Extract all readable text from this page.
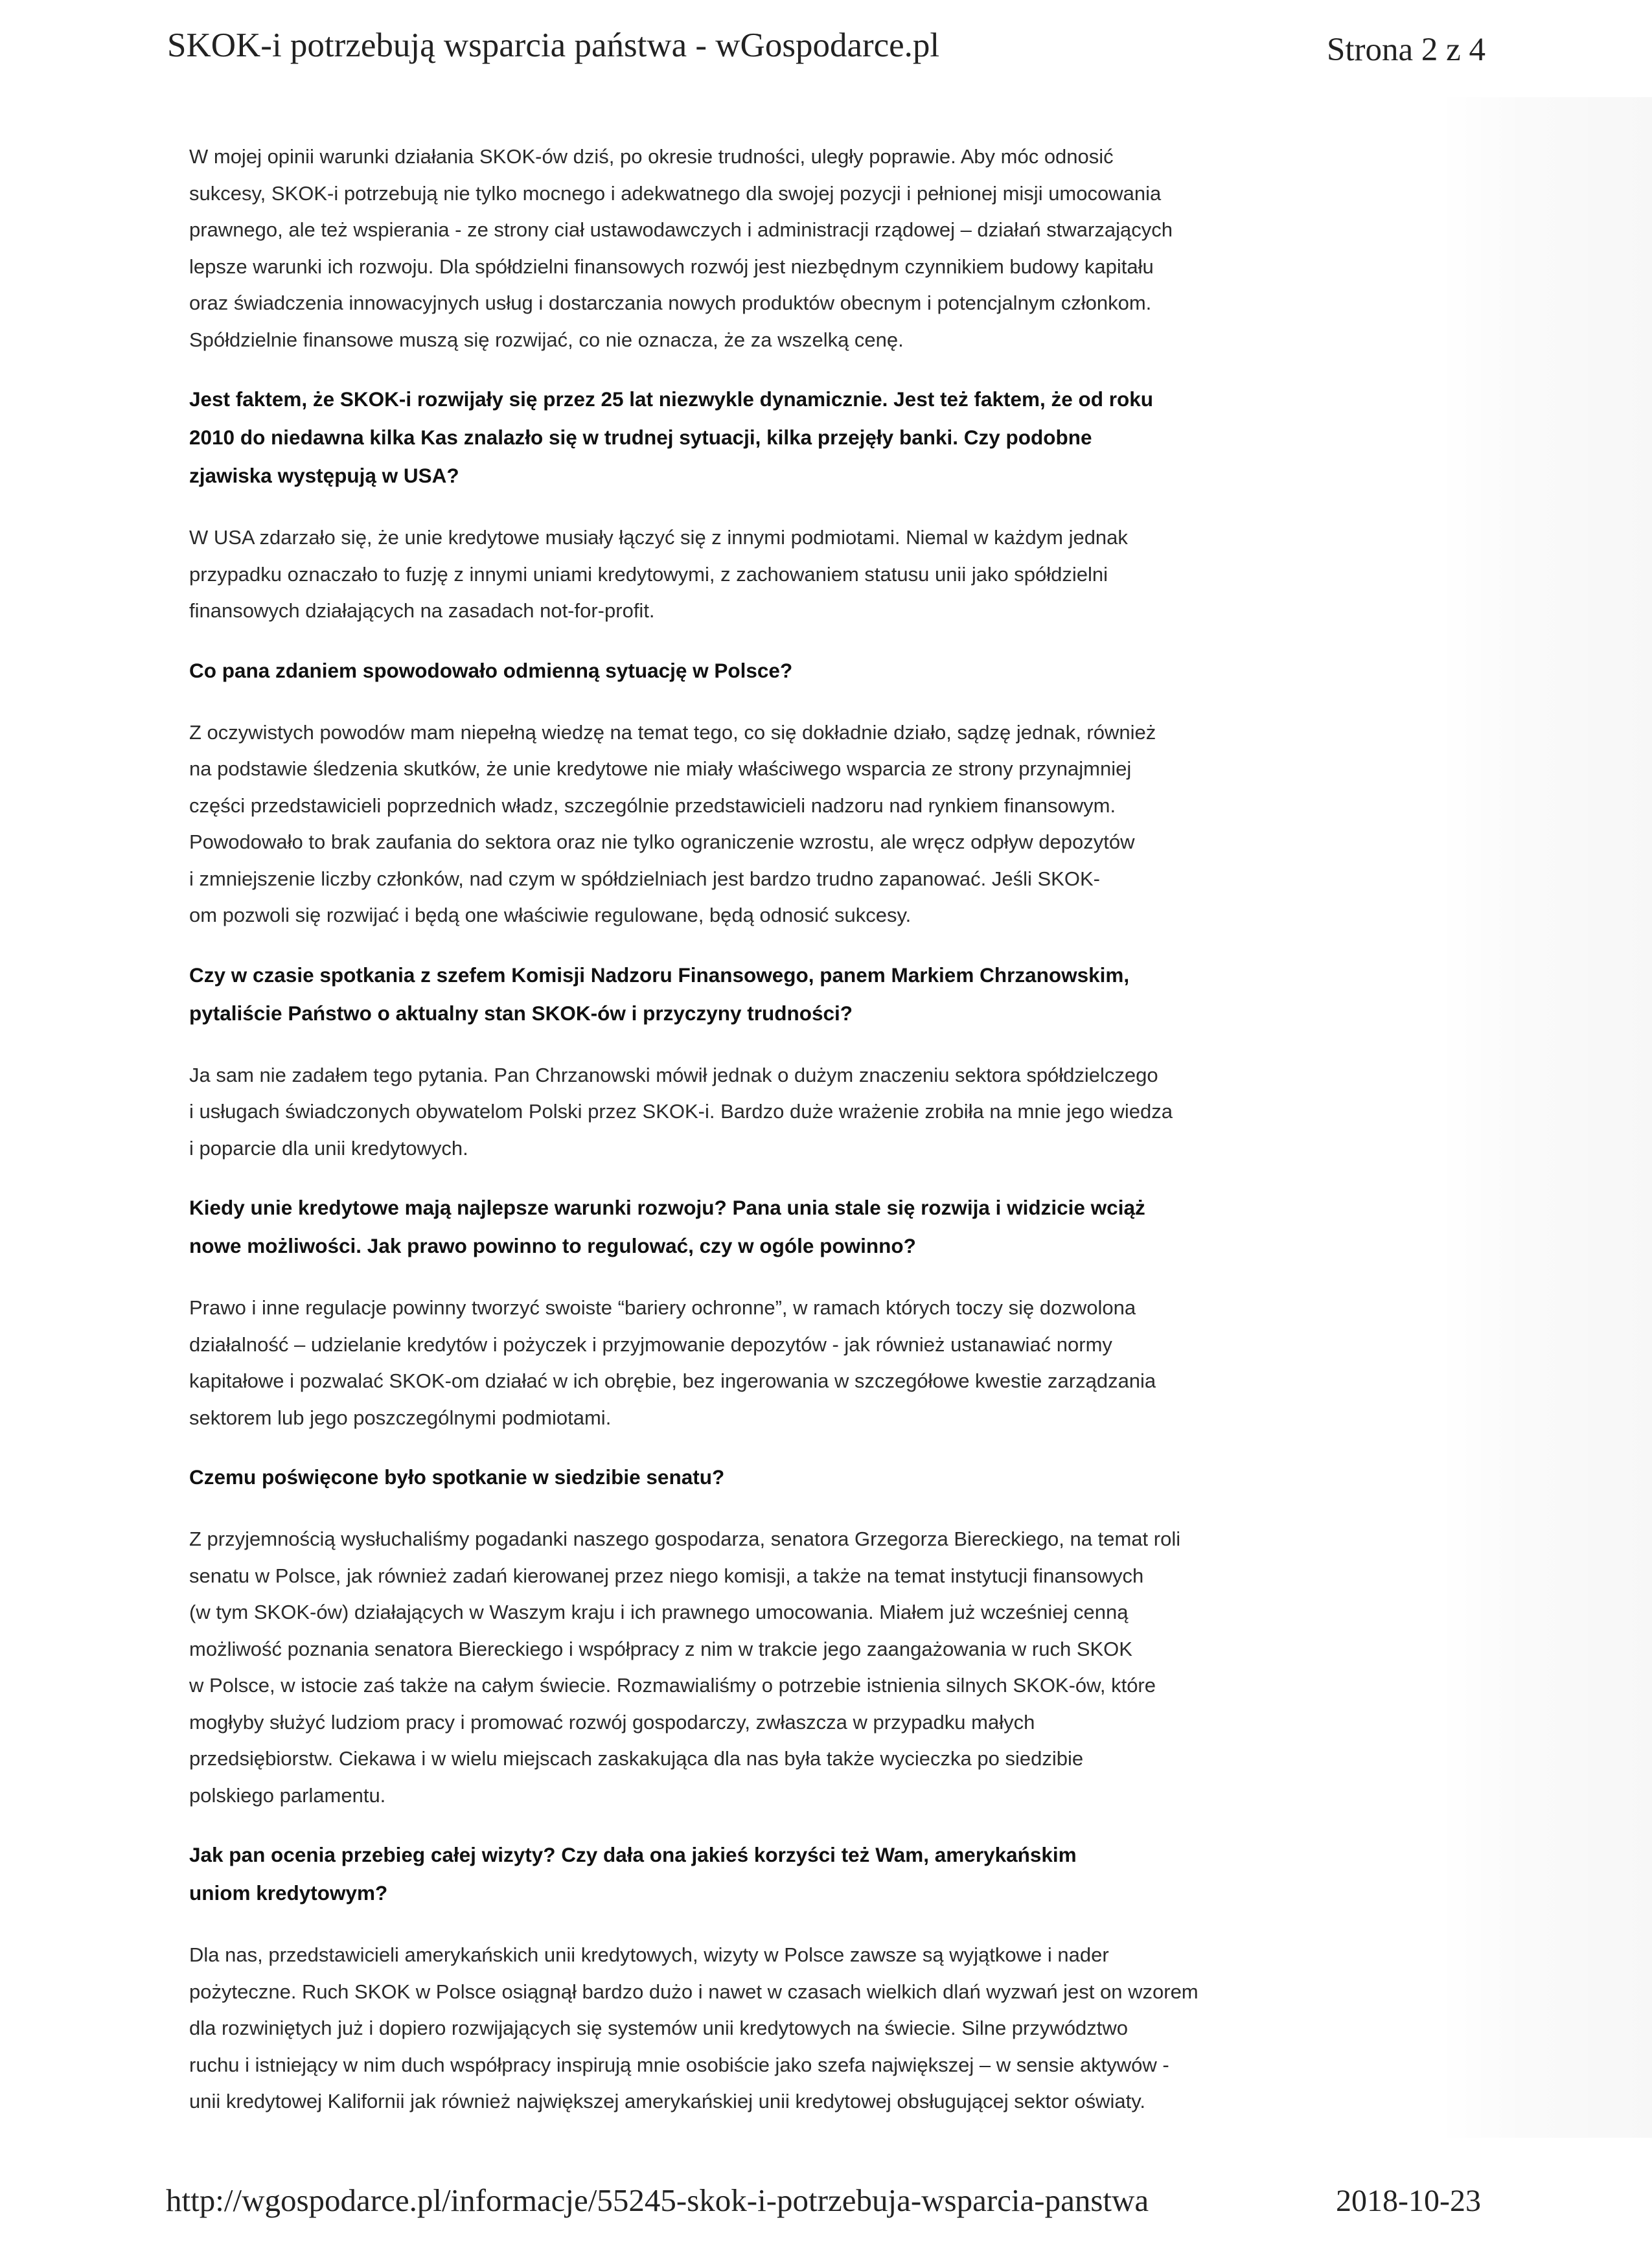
SKOK-i potrzebują wsparcia państwa - wGospodarce.pl	Strona 2 z 4

W mojej opinii warunki działania SKOK-ów dziś, po okresie trudności, uległy poprawie. Aby móc odnosić
sukcesy, SKOK-i potrzebują nie tylko mocnego i adekwatnego dla swojej pozycji i pełnionej misji umocowania
prawnego, ale też wspierania - ze strony ciał ustawodawczych i administracji rządowej – działań stwarzających
lepsze warunki ich rozwoju. Dla spółdzielni finansowych rozwój jest niezbędnym czynnikiem budowy kapitału
oraz świadczenia innowacyjnych usług i dostarczania nowych produktów obecnym i potencjalnym członkom.
Spółdzielnie finansowe muszą się rozwijać, co nie oznacza, że za wszelką cenę.

Jest faktem, że SKOK-i rozwijały się przez 25 lat niezwykle dynamicznie. Jest też faktem, że od roku
2010 do niedawna kilka Kas znalazło się w trudnej sytuacji, kilka przejęły banki. Czy podobne
zjawiska występują w USA?

W USA zdarzało się, że unie kredytowe musiały łączyć się z innymi podmiotami. Niemal w każdym jednak
przypadku oznaczało to fuzję z innymi uniami kredytowymi, z zachowaniem statusu unii jako spółdzielni
finansowych działających na zasadach not-for-profit.

Co pana zdaniem spowodowało odmienną sytuację w Polsce?

Z oczywistych powodów mam niepełną wiedzę na temat tego, co się dokładnie działo, sądzę jednak, również
na podstawie śledzenia skutków, że unie kredytowe nie miały właściwego wsparcia ze strony przynajmniej
części przedstawicieli poprzednich władz, szczególnie przedstawicieli nadzoru nad rynkiem finansowym.
Powodowało to brak zaufania do sektora oraz nie tylko ograniczenie wzrostu, ale wręcz odpływ depozytów
i zmniejszenie liczby członków, nad czym w spółdzielniach jest bardzo trudno zapanować. Jeśli SKOK-
om pozwoli się rozwijać i będą one właściwie regulowane, będą odnosić sukcesy.

Czy w czasie spotkania z szefem Komisji Nadzoru Finansowego, panem Markiem Chrzanowskim,
pytaliście Państwo o aktualny stan SKOK-ów i przyczyny trudności?

Ja sam nie zadałem tego pytania. Pan Chrzanowski mówił jednak o dużym znaczeniu sektora spółdzielczego
i usługach świadczonych obywatelom Polski przez SKOK-i. Bardzo duże wrażenie zrobiła na mnie jego wiedza
i poparcie dla unii kredytowych.

Kiedy unie kredytowe mają najlepsze warunki rozwoju? Pana unia stale się rozwija i widzicie wciąż
nowe możliwości. Jak prawo powinno to regulować, czy w ogóle powinno?

Prawo i inne regulacje powinny tworzyć swoiste “bariery ochronne”, w ramach których toczy się dozwolona
działalność – udzielanie kredytów i pożyczek i przyjmowanie depozytów - jak również ustanawiać normy
kapitałowe i pozwalać SKOK-om działać w ich obrębie, bez ingerowania w szczegółowe kwestie zarządzania
sektorem lub jego poszczególnymi podmiotami.

Czemu poświęcone było spotkanie w siedzibie senatu?

Z przyjemnością wysłuchaliśmy pogadanki naszego gospodarza, senatora Grzegorza Biereckiego, na temat roli
senatu w Polsce, jak również zadań kierowanej przez niego komisji, a także na temat instytucji finansowych
(w tym SKOK-ów) działających w Waszym kraju i ich prawnego umocowania. Miałem już wcześniej cenną
możliwość poznania senatora Biereckiego i współpracy z nim w trakcie jego zaangażowania w ruch SKOK
w Polsce, w istocie zaś także na całym świecie. Rozmawialiśmy o potrzebie istnienia silnych SKOK-ów, które
mogłyby służyć ludziom pracy i promować rozwój gospodarczy, zwłaszcza w przypadku małych
przedsiębiorstw. Ciekawa i w wielu miejscach zaskakująca dla nas była także wycieczka po siedzibie
polskiego parlamentu.

Jak pan ocenia przebieg całej wizyty? Czy dała ona jakieś korzyści też Wam, amerykańskim
uniom kredytowym?

Dla nas, przedstawicieli amerykańskich unii kredytowych, wizyty w Polsce zawsze są wyjątkowe i nader
pożyteczne. Ruch SKOK w Polsce osiągnął bardzo dużo i nawet w czasach wielkich dlań wyzwań jest on wzorem
dla rozwiniętych już i dopiero rozwijających się systemów unii kredytowych na świecie. Silne przywództwo
ruchu i istniejący w nim duch współpracy inspirują mnie osobiście jako szefa największej – w sensie aktywów -
unii kredytowej Kalifornii jak również największej amerykańskiej unii kredytowej obsługującej sektor oświaty.

http://wgospodarce.pl/informacje/55245-skok-i-potrzebuja-wsparcia-panstwa	2018-10-23
